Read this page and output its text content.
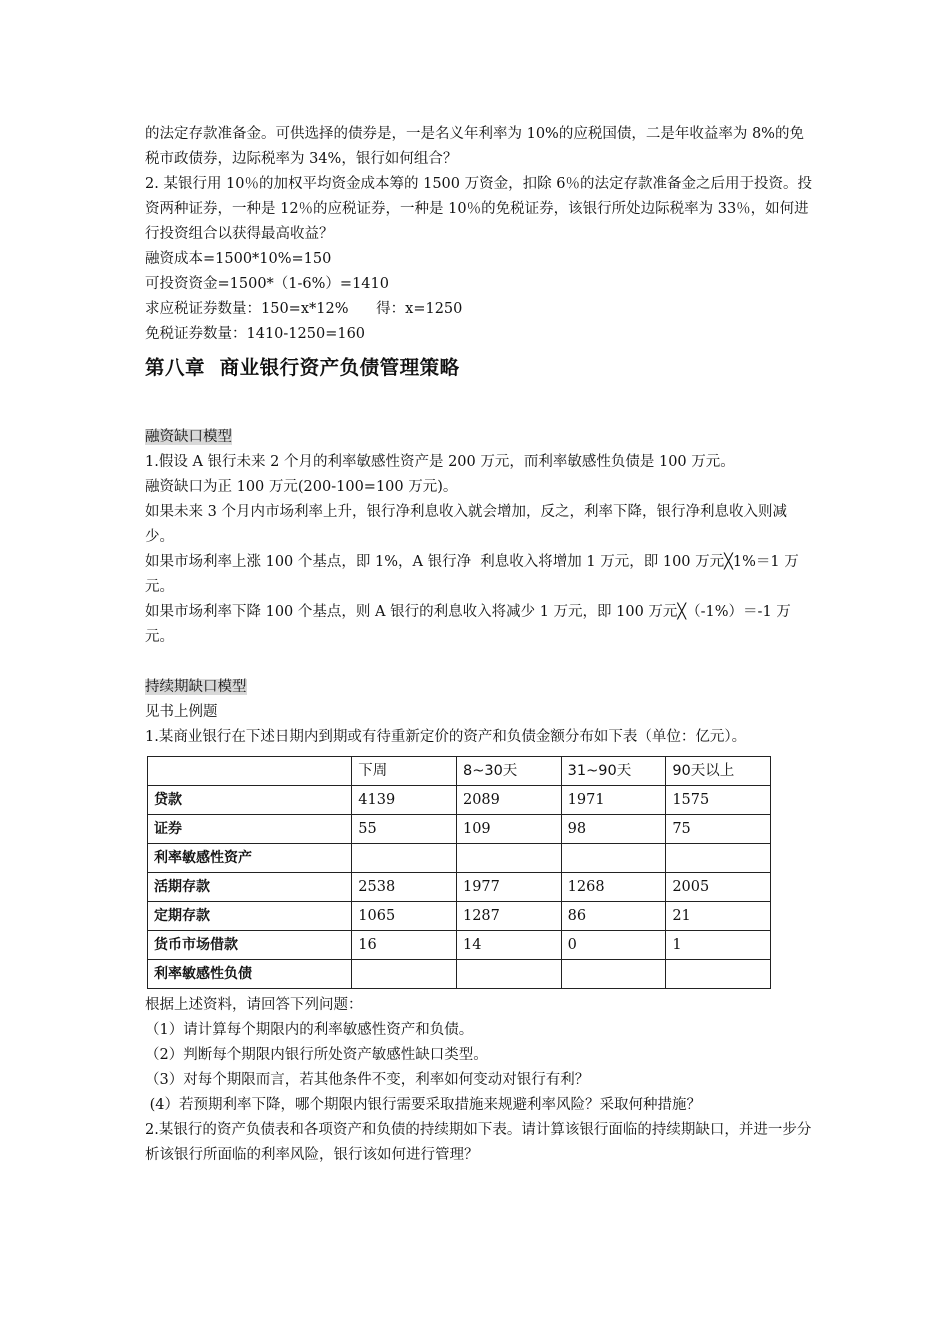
的法定存款准备金。可供选择的债券是，一是名义年利率为 10%的应税国债，二是年收益率为 8%的免税市政债券，边际税率为 34%，银行如何组合？

2. 某银行用 10％的加权平均资金成本筹的 1500 万资金，扣除 6％的法定存款准备金之后用于投资。投资两种证券，一种是 12％的应税证券，一种是 10％的免税证券，该银行所处边际税率为 33％，如何进行投资组合以获得最高收益？

融资成本=1500*10%=150

可投资资金=1500*（1-6%）=1410

求应税证券数量：150=x*12%      得：x=1250

免税证券数量：1410-1250=160

第八章  商业银行资产负债管理策略

融资缺口模型

1.假设 A 银行未来 2 个月的利率敏感性资产是 200 万元，而利率敏感性负债是 100 万元。

融资缺口为正 100 万元(200-100=100 万元)。

如果未来 3 个月内市场利率上升，银行净利息收入就会增加，反之，利率下降，银行净利息收入则减少。

如果市场利率上涨 100 个基点，即 1%，A 银行净  利息收入将增加 1 万元，即 100 万元╳1%＝1 万元。

如果市场利率下降 100 个基点，则 A 银行的利息收入将减少 1 万元，即 100 万元╳（-1%）＝-1 万元。

持续期缺口模型

见书上例题

1.某商业银行在下述日期内到期或有待重新定价的资产和负债金额分布如下表（单位：亿元）。

	下周	8~30天	31~90天	90天以上
贷款	4139	2089	1971	1575
证券	55	109	98	75
利率敏感性资产				
活期存款	2538	1977	1268	2005
定期存款	1065	1287	86	21
货币市场借款	16	14	0	1
利率敏感性负债				

根据上述资料，请回答下列问题：

（1）请计算每个期限内的利率敏感性资产和负债。

（2）判断每个期限内银行所处资产敏感性缺口类型。

（3）对每个期限而言，若其他条件不变，利率如何变动对银行有利？

(4）若预期利率下降，哪个期限内银行需要采取措施来规避利率风险？采取何种措施？

2.某银行的资产负债表和各项资产和负债的持续期如下表。请计算该银行面临的持续期缺口，并进一步分析该银行所面临的利率风险，银行该如何进行管理？
